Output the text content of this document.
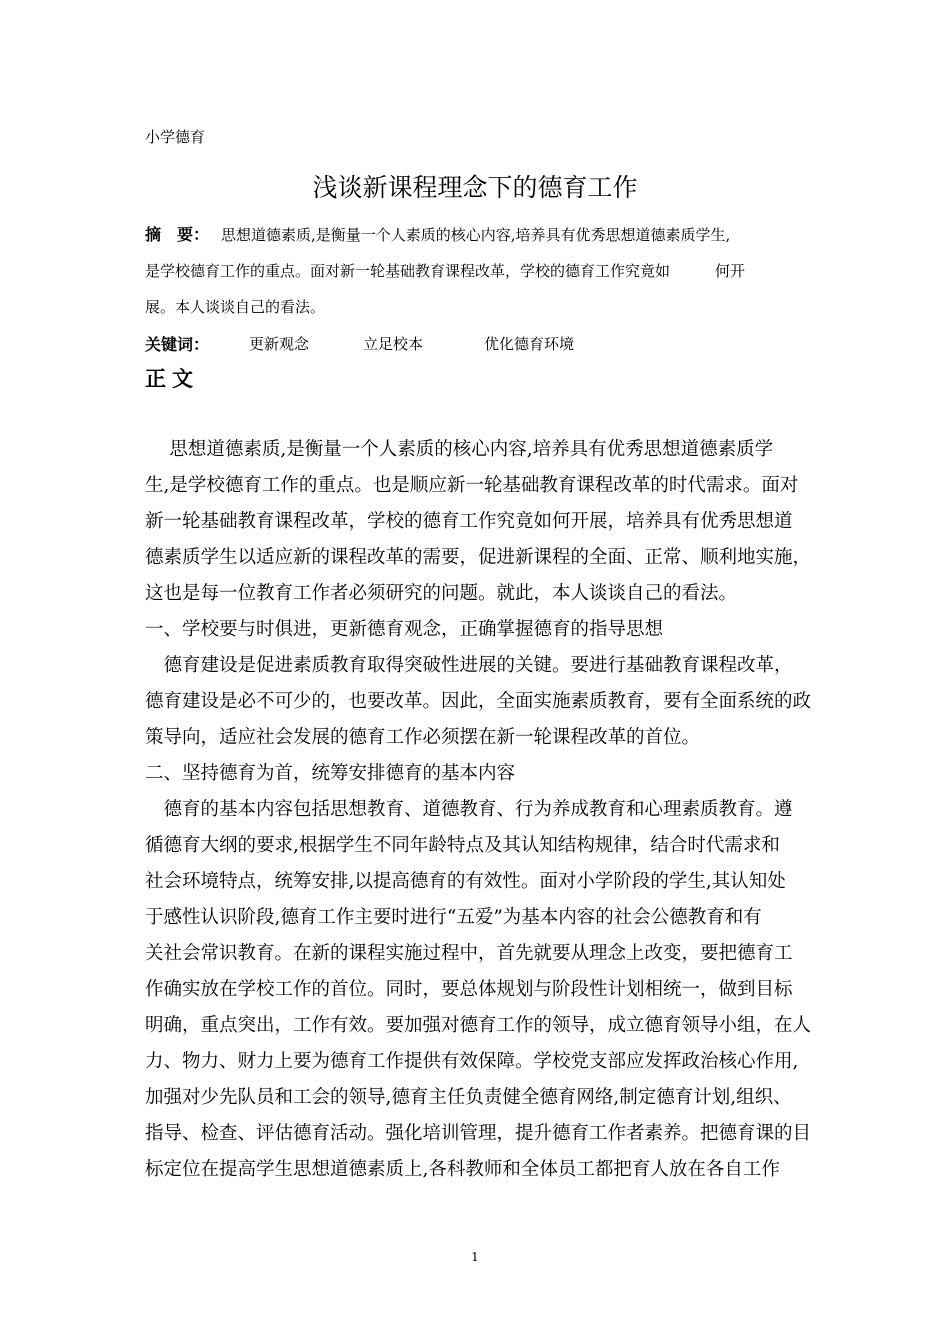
小学德育
浅谈新课程理念下的德育工作
摘　要： 思想道德素质,是衡量一个人素质的核心内容,培养具有优秀思想道德素质学生,
是学校德育工作的重点。面对新一轮基础教育课程改革，学校的德育工作究竟如　　　何开
展。本人谈谈自己的看法。
关键词：	更新观念	立足校本	优化德育环境
正文
　 思想道德素质,是衡量一个人素质的核心内容,培养具有优秀思想道德素质学
生,是学校德育工作的重点。也是顺应新一轮基础教育课程改革的时代需求。面对
新一轮基础教育课程改革，学校的德育工作究竟如何开展，培养具有优秀思想道
德素质学生以适应新的课程改革的需要，促进新课程的全面、正常、顺利地实施，
这也是每一位教育工作者必须研究的问题。就此，本人谈谈自己的看法。
一、学校要与时俱进，更新德育观念，正确掌握德育的指导思想
　德育建设是促进素质教育取得突破性进展的关键。要进行基础教育课程改革，
德育建设是必不可少的，也要改革。因此，全面实施素质教育，要有全面系统的政
策导向，适应社会发展的德育工作必须摆在新一轮课程改革的首位。
二、坚持德育为首，统筹安排德育的基本内容
　德育的基本内容包括思想教育、道德教育、行为养成教育和心理素质教育。遵
循德育大纲的要求,根据学生不同年龄特点及其认知结构规律，结合时代需求和
社会环境特点，统筹安排,以提高德育的有效性。面对小学阶段的学生,其认知处
于感性认识阶段,德育工作主要时进行“五爱”为基本内容的社会公德教育和有
关社会常识教育。在新的课程实施过程中，首先就要从理念上改变，要把德育工
作确实放在学校工作的首位。同时，要总体规划与阶段性计划相统一，做到目标
明确，重点突出，工作有效。要加强对德育工作的领导，成立德育领导小组，在人
力、物力、财力上要为德育工作提供有效保障。学校党支部应发挥政治核心作用,
加强对少先队员和工会的领导,德育主任负责健全德育网络,制定德育计划,组织、
指导、检查、评估德育活动。强化培训管理，提升德育工作者素养。把德育课的目
标定位在提高学生思想道德素质上,各科教师和全体员工都把育人放在各自工作
1
